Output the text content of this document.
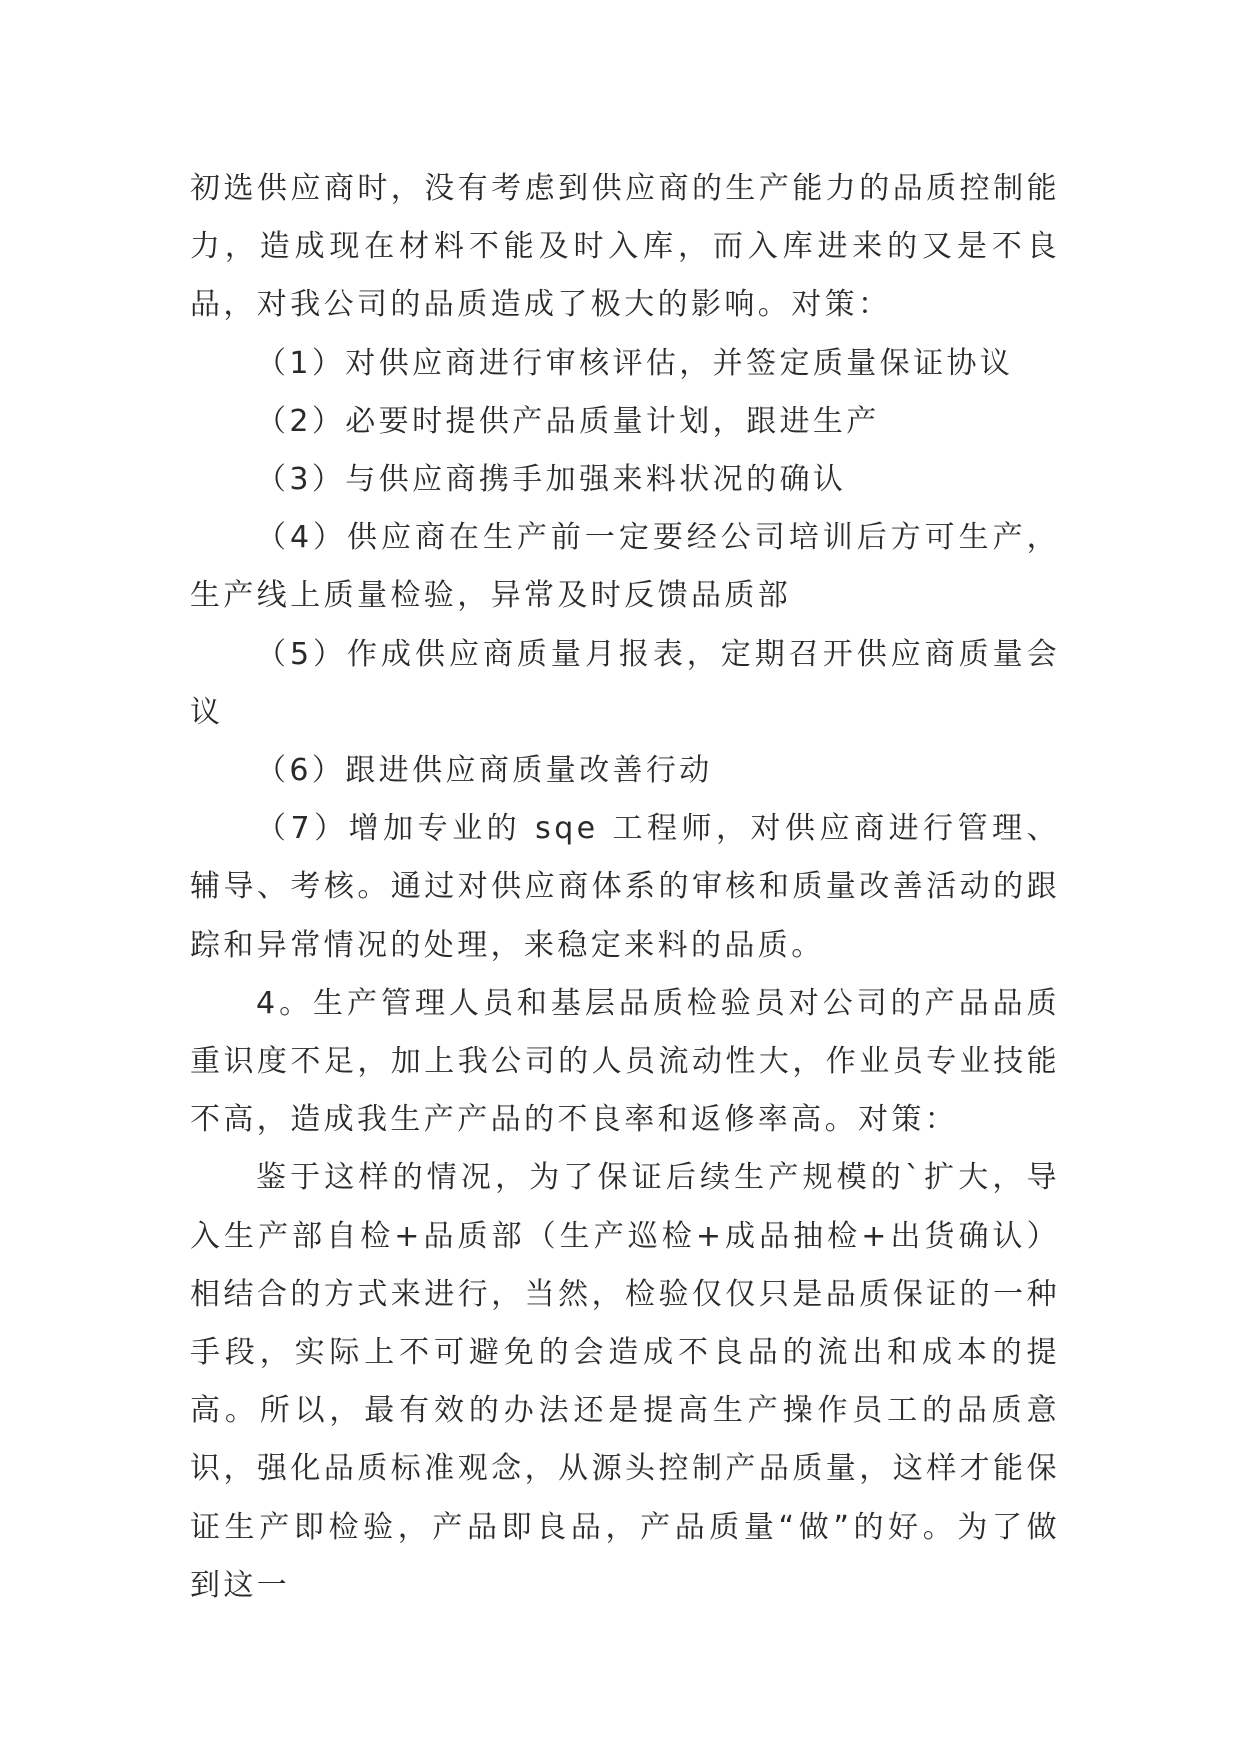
初选供应商时，没有考虑到供应商的生产能力的品质控制能力，造成现在材料不能及时入库，而入库进来的又是不良品，对我公司的品质造成了极大的影响。对策：

（1）对供应商进行审核评估，并签定质量保证协议

（2）必要时提供产品质量计划，跟进生产

（3）与供应商携手加强来料状况的确认

（4）供应商在生产前一定要经公司培训后方可生产，生产线上质量检验，异常及时反馈品质部

（5）作成供应商质量月报表，定期召开供应商质量会议

（6）跟进供应商质量改善行动

（7）增加专业的 sqe 工程师，对供应商进行管理、辅导、考核。通过对供应商体系的审核和质量改善活动的跟踪和异常情况的处理，来稳定来料的品质。

4。生产管理人员和基层品质检验员对公司的产品品质重识度不足，加上我公司的人员流动性大，作业员专业技能不高，造成我生产产品的不良率和返修率高。对策：

鉴于这样的情况，为了保证后续生产规模的`扩大，导入生产部自检+品质部（生产巡检+成品抽检+出货确认）相结合的方式来进行，当然，检验仅仅只是品质保证的一种手段，实际上不可避免的会造成不良品的流出和成本的提高。所以，最有效的办法还是提高生产操作员工的品质意识，强化品质标准观念，从源头控制产品质量，这样才能保证生产即检验，产品即良品，产品质量“做”的好。为了做到这一
